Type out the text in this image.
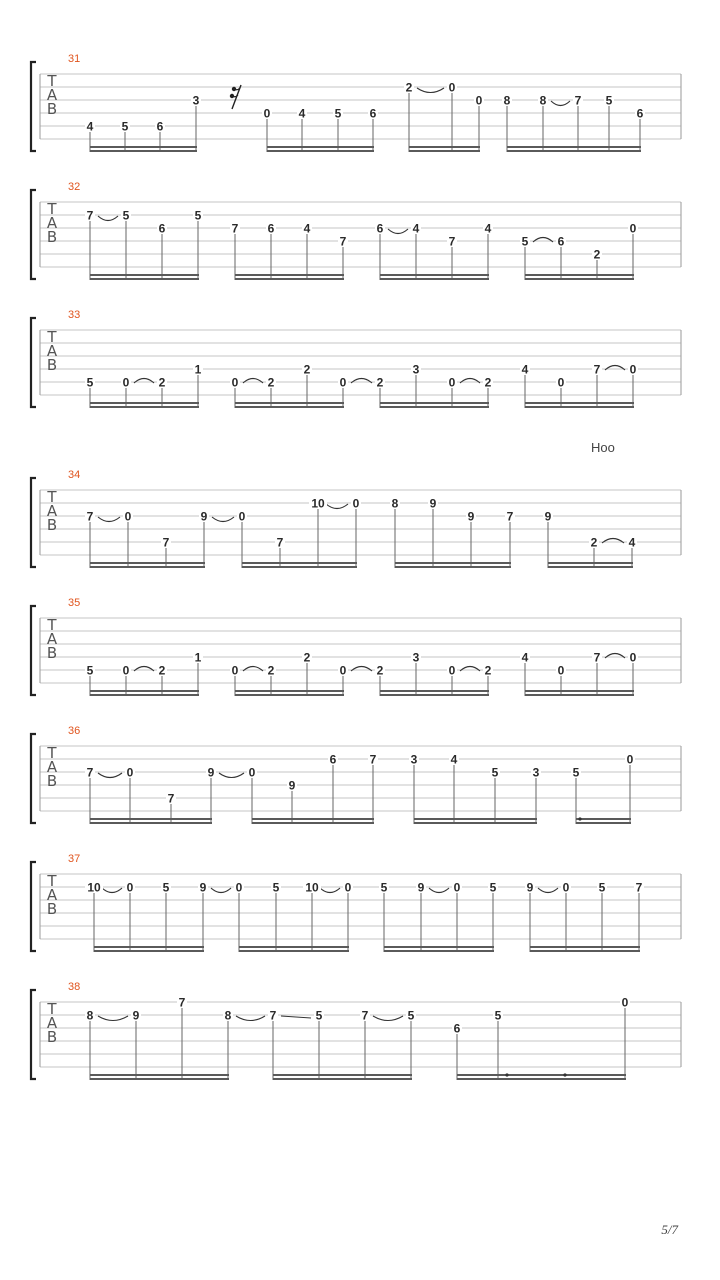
T
A
B
31
4 5 6
3
0 4 5 6
2	0
0 8 8 7 5
6
T
A
B
32
7 5
6
5
7 6 4
7
6 4
7
4
5 6
2
0
T
A
B
33
5 0 2
1
0 2
2
0	2
3
0 2
4
0
7 0
T
A
B
34
Hoo
7	0
7
9	0
7
10 0	8	9
9	7	9
2	4
T
A
B
35
5 0 2
1
0 2
2
0	2
3
0 2
4
0
7 0
T
A
B
36
7	0
7
9	0
9
6	7	3	4
5	3	5
0
T
A
B
37
10 0 5	9 0	5 10 0 5	9 0 5	9 0 5	7
T
A
B
38
8	9
7
8	7	5	7	5
6
5
0
5/7
